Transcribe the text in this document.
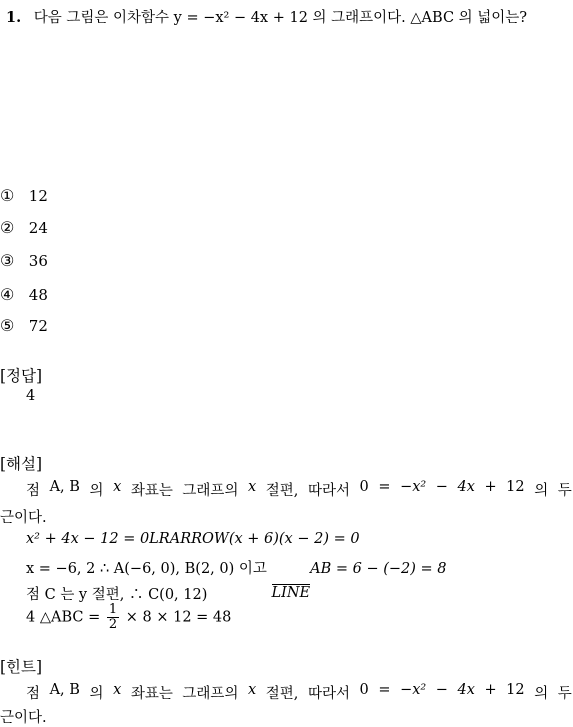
1. 다음 그림은 이차함수 y = −x² − 4x + 12 의 그래프이다. △ABC 의 넓이는?
① 12
② 24
③ 36
④ 48
⑤ 72
[정답]
4
[해설]
점 A, B 의 x 좌표는 그래프의 x 절편, 따라서 0 = −x² − 4x + 12 의 두
근이다.
x² + 4x − 12 = 0LRARROW(x + 6)(x − 2) = 0
x = −6, 2 ∴ A(−6, 0), B(2, 0) 이고
LINE
AB = 6 − (−2) = 8
점 C 는 y 절편, ∴ C(0, 12)
4 △ABC = $\frac{1}{2} \times 8 \times 12 = 48$
[힌트]
점 A, B 의 x 좌표는 그래프의 x 절편, 따라서 0 = −x² − 4x + 12 의 두
근이다.
